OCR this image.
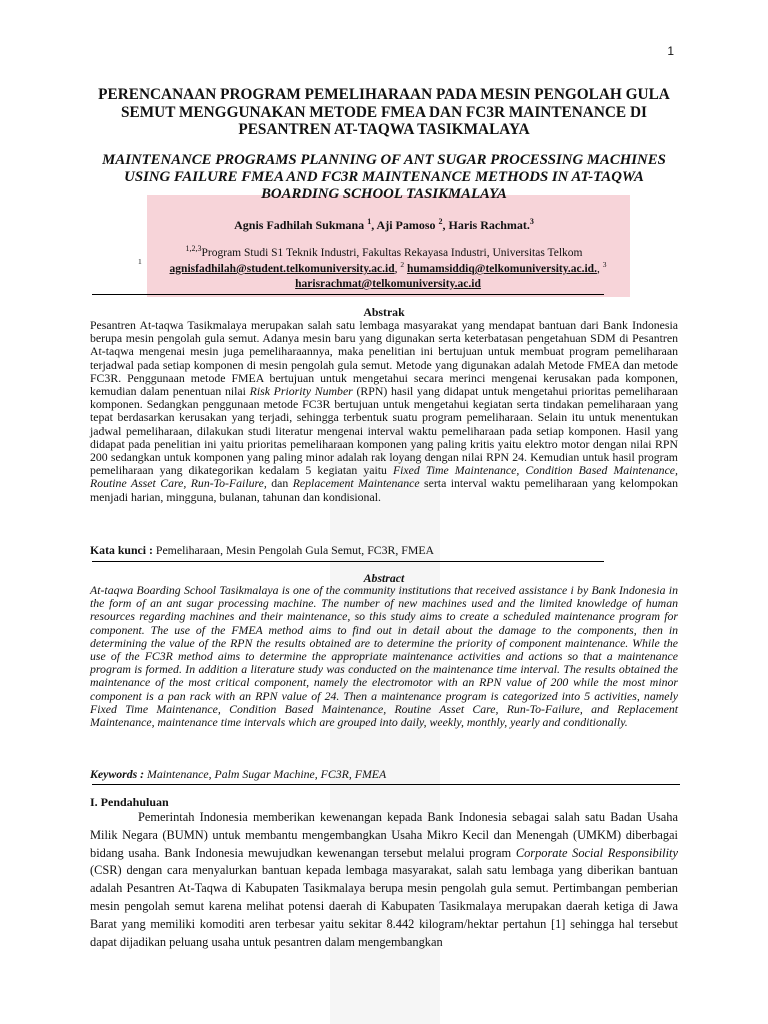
1
PERENCANAAN PROGRAM PEMELIHARAAN PADA MESIN PENGOLAH GULA SEMUT MENGGUNAKAN METODE FMEA DAN FC3R MAINTENANCE DI PESANTREN AT-TAQWA TASIKMALAYA
MAINTENANCE PROGRAMS PLANNING OF ANT SUGAR PROCESSING MACHINES USING FAILURE FMEA AND FC3R MAINTENANCE METHODS IN AT-TAQWA BOARDING SCHOOL TASIKMALAYA
Agnis Fadhilah Sukmana $^1$, Aji Pamoso $^2$, Haris Rachmat.$^3$
$^{1,2,3}$Program Studi S1 Teknik Industri, Fakultas Rekayasa Industri, Universitas Telkom
1
agnisfadhilah@student.telkomuniversity.ac.id, $^2$ humamsiddiq@telkomuniversity.ac.id., $^3$
harisrachmat@telkomuniversity.ac.id
Abstrak
Pesantren At-taqwa Tasikmalaya merupakan salah satu lembaga masyarakat yang mendapat bantuan dari Bank Indonesia berupa mesin pengolah gula semut. Adanya mesin baru yang digunakan serta keterbatasan pengetahuan SDM di Pesantren At-taqwa mengenai mesin juga pemeliharaannya, maka penelitian ini bertujuan untuk membuat program pemeliharaan terjadwal pada setiap komponen di mesin pengolah gula semut. Metode yang digunakan adalah Metode FMEA dan metode FC3R. Penggunaan metode FMEA bertujuan untuk mengetahui secara merinci mengenai kerusakan pada komponen, kemudian dalam penentuan nilai Risk Priority Number (RPN) hasil yang didapat untuk mengetahui prioritas pemeliharaan komponen. Sedangkan penggunaan metode FC3R bertujuan untuk mengetahui kegiatan serta tindakan pemeliharaan yang tepat berdasarkan kerusakan yang terjadi, sehingga terbentuk suatu program pemeliharaan. Selain itu untuk menentukan jadwal pemeliharaan, dilakukan studi literatur mengenai interval waktu pemeliharaan pada setiap komponen. Hasil yang didapat pada penelitian ini yaitu prioritas pemeliharaan komponen yang paling kritis yaitu elektro motor dengan nilai RPN 200 sedangkan untuk komponen yang paling minor adalah rak loyang dengan nilai RPN 24. Kemudian untuk hasil program pemeliharaan yang dikategorikan kedalam 5 kegiatan yaitu Fixed Time Maintenance, Condition Based Maintenance, Routine Asset Care, Run-To-Failure, dan Replacement Maintenance serta interval waktu pemeliharaan yang kelompokan menjadi harian, mingguna, bulanan, tahunan dan kondisional.
Kata kunci : Pemeliharaan, Mesin Pengolah Gula Semut, FC3R, FMEA
Abstract
At-taqwa Boarding School Tasikmalaya is one of the community institutions that received assistance i by Bank Indonesia in the form of an ant sugar processing machine. The number of new machines used and the limited knowledge of human resources regarding machines and their maintenance, so this study aims to create a scheduled maintenance program for component. The use of the FMEA method aims to find out in detail about the damage to the components, then in determining the value of the RPN the results obtained are to determine the priority of component maintenance. While the use of the FC3R method aims to determine the appropriate maintenance activities and actions so that a maintenance program is formed. In addition a literature study was conducted on the maintenance time interval. The results obtained the maintenance of the most critical component, namely the electromotor with an RPN value of 200 while the most minor component is a pan rack with an RPN value of 24. Then a maintenance program is categorized into 5 activities, namely Fixed Time Maintenance, Condition Based Maintenance, Routine Asset Care, Run-To-Failure, and Replacement Maintenance, maintenance time intervals which are grouped into daily, weekly, monthly, yearly and conditionally.
Keywords : Maintenance, Palm Sugar Machine, FC3R, FMEA
I. Pendahuluan
Pemerintah Indonesia memberikan kewenangan kepada Bank Indonesia sebagai salah satu Badan Usaha Milik Negara (BUMN) untuk membantu mengembangkan Usaha Mikro Kecil dan Menengah (UMKM) diberbagai bidang usaha. Bank Indonesia mewujudkan kewenangan tersebut melalui program Corporate Social Responsibility (CSR) dengan cara menyalurkan bantuan kepada lembaga masyarakat, salah satu lembaga yang diberikan bantuan adalah Pesantren At-Taqwa di Kabupaten Tasikmalaya berupa mesin pengolah gula semut. Pertimbangan pemberian mesin pengolah semut karena melihat potensi daerah di Kabupaten Tasikmalaya merupakan daerah ketiga di Jawa Barat yang memiliki komoditi aren terbesar yaitu sekitar 8.442 kilogram/hektar pertahun [1] sehingga hal tersebut dapat dijadikan peluang usaha untuk pesantren dalam mengembangkan
